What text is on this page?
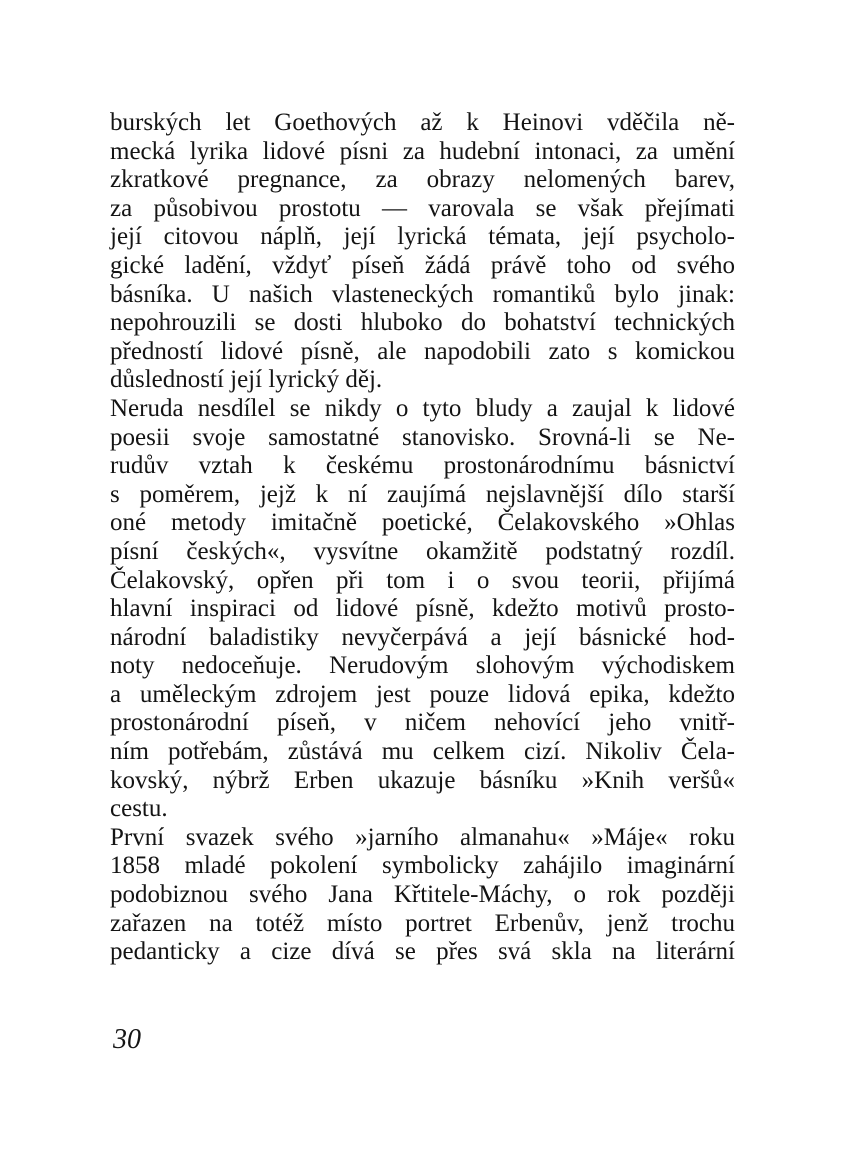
burských let Goethových až k Heinovi vděčila ně-
mecká lyrika lidové písni za hudební intonaci, za umění
zkratkové pregnance, za obrazy nelomených barev,
za působivou prostotu — varovala se však přejímati
její citovou náplň, její lyrická témata, její psycholo-
gické ladění, vždyť píseň žádá právě toho od svého
básníka. U našich vlasteneckých romantiků bylo jinak:
nepohrouzili se dosti hluboko do bohatství technických
předností lidové písně, ale napodobili zato s komickou
důsledností její lyrický děj.
Neruda nesdílel se nikdy o tyto bludy a zaujal k lidové
poesii svoje samostatné stanovisko. Srovná-li se Ne-
rudův vztah k českému prostonárodnímu básnictví
s poměrem, jejž k ní zaujímá nejslavnější dílo starší
oné metody imitačně poetické, Čelakovského »Ohlas
písní českých«, vysvítne okamžitě podstatný rozdíl.
Čelakovský, opřen při tom i o svou teorii, přijímá
hlavní inspiraci od lidové písně, kdežto motivů prosto-
národní baladistiky nevyčerpává a její básnické hod-
noty nedoceňuje. Nerudovým slohovým východiskem
a uměleckým zdrojem jest pouze lidová epika, kdežto
prostonárodní píseň, v ničem nehovící jeho vnitř-
ním potřebám, zůstává mu celkem cizí. Nikoliv Čela-
kovský, nýbrž Erben ukazuje básníku »Knih veršů«
cestu.
První svazek svého »jarního almanahu« »Máje« roku
1858 mladé pokolení symbolicky zahájilo imaginární
podobiznou svého Jana Křtitele-Máchy, o rok později
zařazen na totéž místo portret Erbenův, jenž trochu
pedanticky a cize dívá se přes svá skla na literární
30
